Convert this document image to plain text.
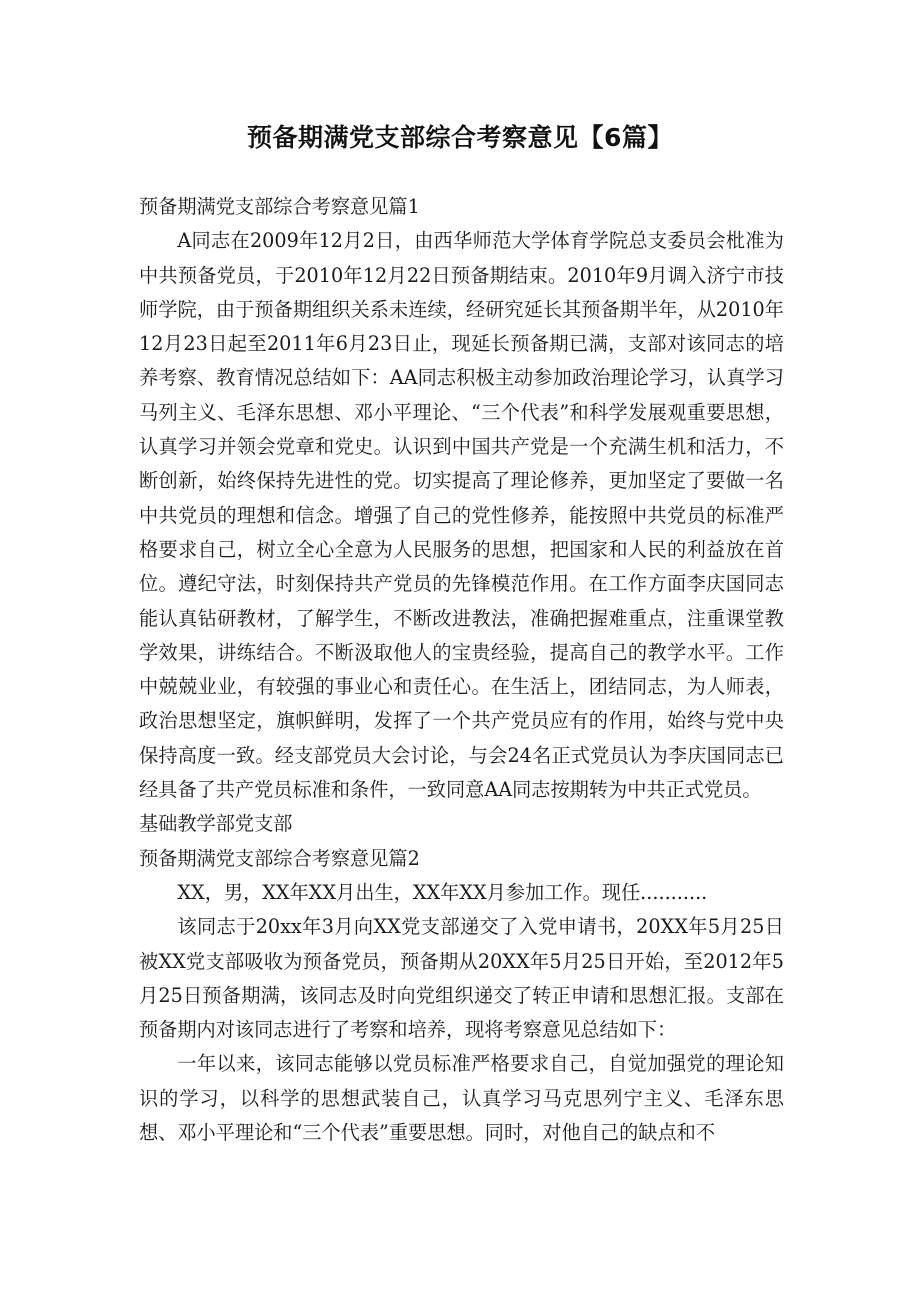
预备期满党支部综合考察意见【6篇】

预备期满党支部综合考察意见篇1

A同志在2009年12月2日，由西华师范大学体育学院总支委员会枇准为中共预备党员，于2010年12月22日预备期结束。2010年9月调入济宁市技师学院，由于预备期组织关系未连续，经研究延长其预备期半年，从2010年12月23日起至2011年6月23日止，现延长预备期已满，支部对该同志的培养考察、教育情况总结如下：AA同志积极主动参加政治理论学习，认真学习马列主义、毛泽东思想、邓小平理论、“三个代表”和科学发展观重要思想，认真学习并领会党章和党史。认识到中国共产党是一个充满生机和活力，不断创新，始终保持先进性的党。切实提高了理论修养，更加坚定了要做一名中共党员的理想和信念。增强了自己的党性修养，能按照中共党员的标准严格要求自己，树立全心全意为人民服务的思想，把国家和人民的利益放在首位。遵纪守法，时刻保持共产党员的先锋模范作用。在工作方面李庆国同志能认真钻研教材，了解学生，不断改进教法，准确把握难重点，注重课堂教学效果，讲练结合。不断汲取他人的宝贵经验，提高自己的教学水平。工作中兢兢业业，有较强的事业心和责任心。在生活上，团结同志，为人师表，政治思想坚定，旗帜鲜明，发挥了一个共产党员应有的作用，始终与党中央保持高度一致。经支部党员大会讨论，与会24名正式党员认为李庆国同志已经具备了共产党员标准和条件，一致同意AA同志按期转为中共正式党员。

基础教学部党支部

预备期满党支部综合考察意见篇2

XX，男，XX年XX月出生，XX年XX月参加工作。现任...........

该同志于20xx年3月向XX党支部递交了入党申请书，20XX年5月25日被XX党支部吸收为预备党员，预备期从20XX年5月25日开始，至2012年5月25日预备期满，该同志及时向党组织递交了转正申请和思想汇报。支部在预备期内对该同志进行了考察和培养，现将考察意见总结如下：

一年以来，该同志能够以党员标准严格要求自己，自觉加强党的理论知识的学习，以科学的思想武装自己，认真学习马克思列宁主义、毛泽东思想、邓小平理论和“三个代表”重要思想。同时，对他自己的缺点和不
